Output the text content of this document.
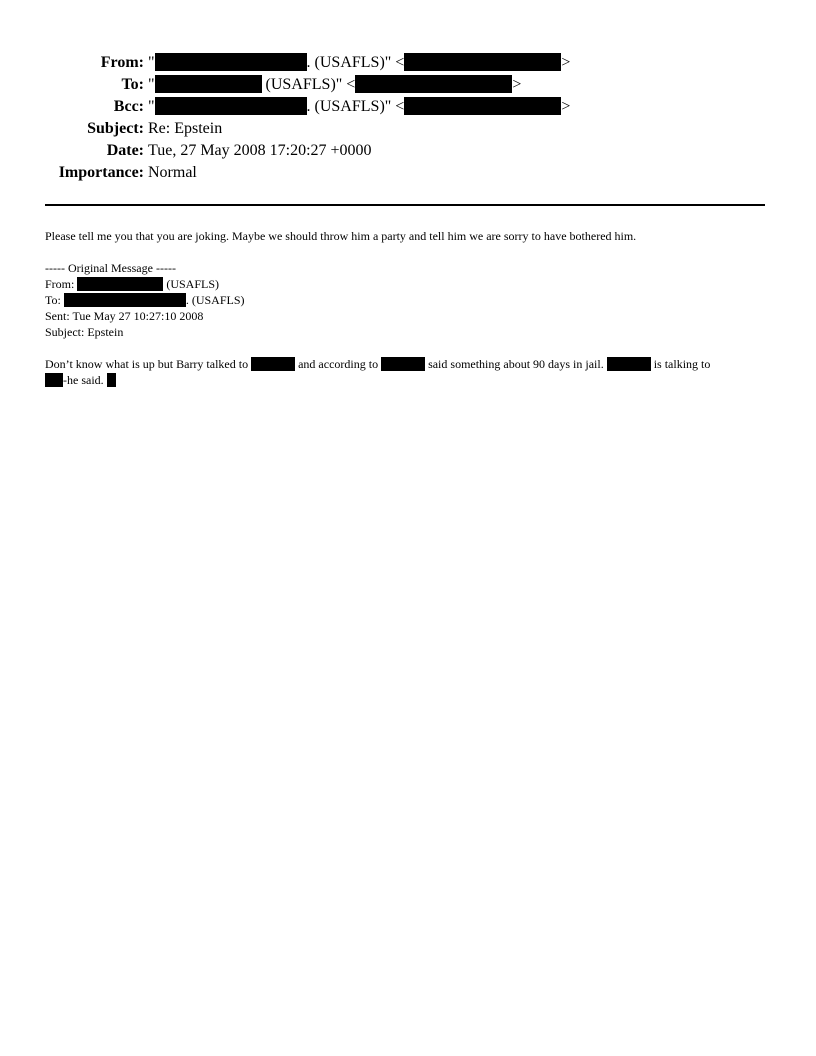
From: "	. (USAFLS)" <	>
To: "	(USAFLS)" <	>
Bcc: "	. (USAFLS)" <	>
Subject: Re: Epstein
Date: Tue, 27 May 2008 17:20:27 +0000
Importance: Normal
Please tell me you that you are joking. Maybe we should throw him a party and tell him we are sorry to have bothered him.
----- Original Message -----
From:	(USAFLS)
To:	. (USAFLS)
Sent: Tue May 27 10:27:10 2008
Subject: Epstein
Don’t know what is up but Barry talked to	and according to	said something about 90 days in jail.	is talking to
-he said.
